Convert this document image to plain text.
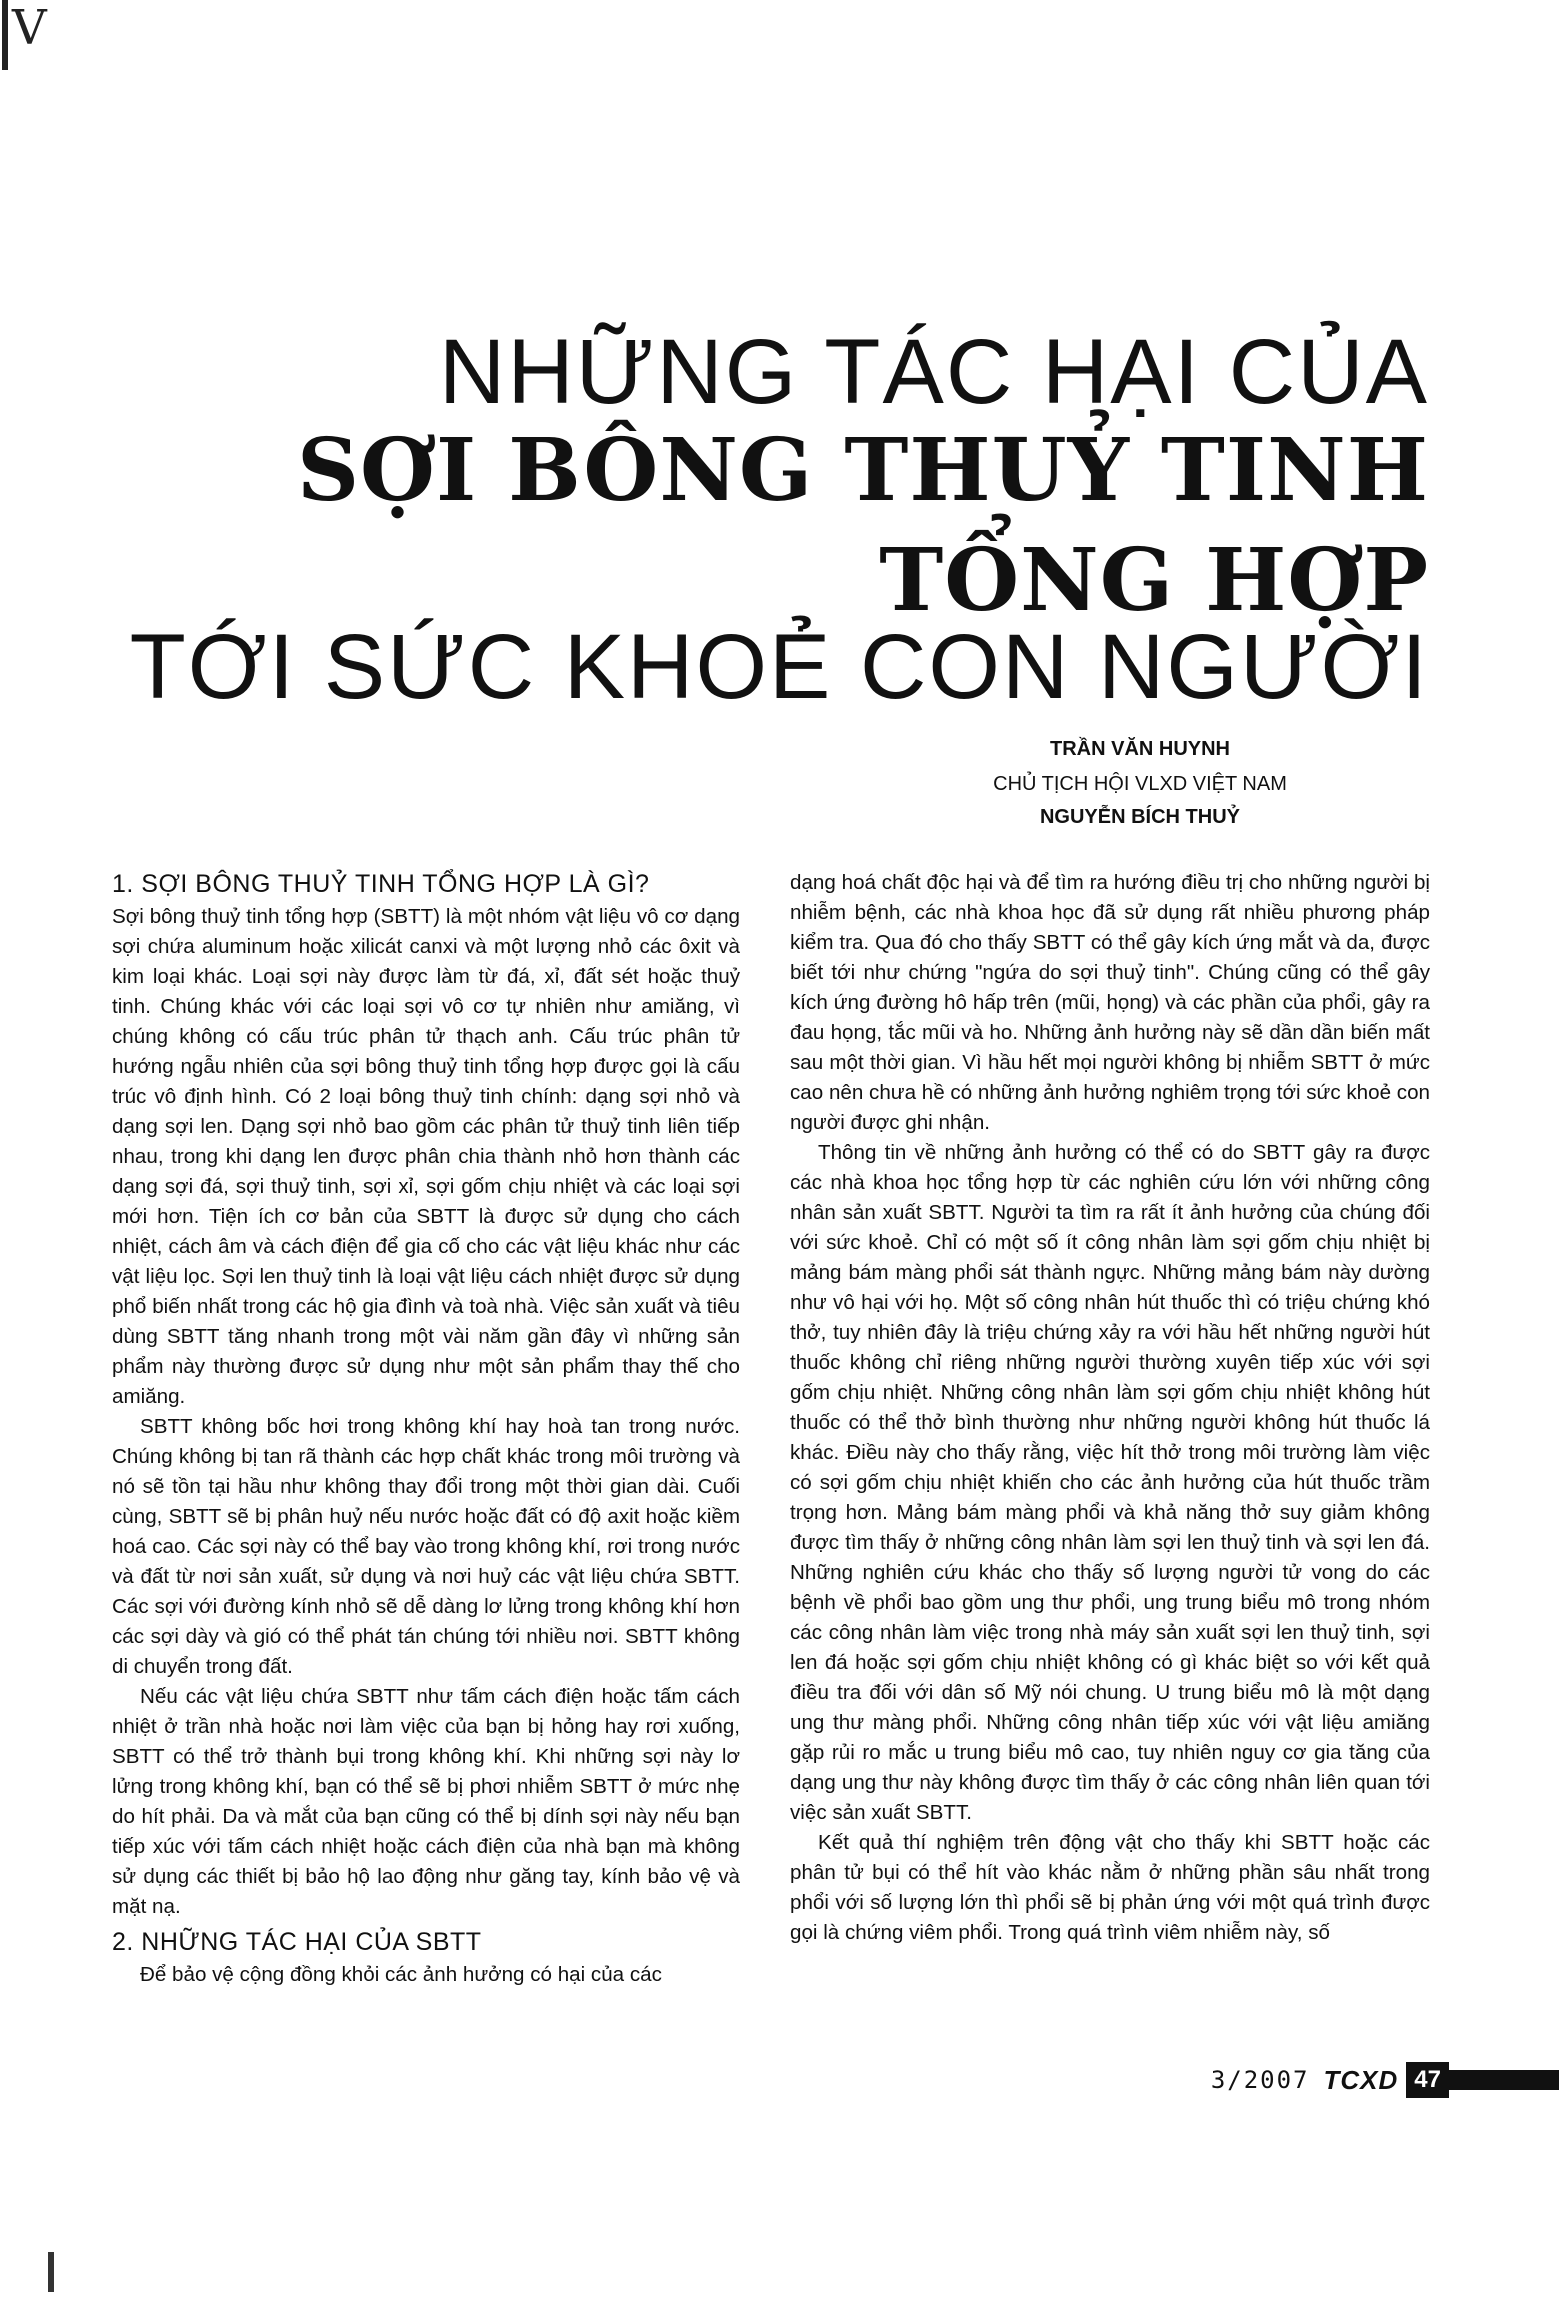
V
NHỮNG TÁC HẠI CỦA
SỢI BÔNG THUỶ TINH
TỔNG HỢP
TỚI SỨC KHOẺ CON NGƯỜI
TRẦN VĂN HUYNH
CHỦ TỊCH HỘI VLXD VIỆT NAM
NGUYỄN BÍCH THUỶ
1. SỢI BÔNG THUỶ TINH TỔNG HỢP LÀ GÌ?

Sợi bông thuỷ tinh tổng hợp (SBTT) là một nhóm vật liệu vô cơ dạng sợi chứa aluminum hoặc xilicát canxi và một lượng nhỏ các ôxit và kim loại khác. Loại sợi này được làm từ đá, xỉ, đất sét hoặc thuỷ tinh. Chúng khác với các loại sợi vô cơ tự nhiên như amiăng, vì chúng không có cấu trúc phân tử thạch anh. Cấu trúc phân tử hướng ngẫu nhiên của sợi bông thuỷ tinh tổng hợp được gọi là cấu trúc vô định hình. Có 2 loại bông thuỷ tinh chính: dạng sợi nhỏ và dạng sợi len. Dạng sợi nhỏ bao gồm các phân tử thuỷ tinh liên tiếp nhau, trong khi dạng len được phân chia thành nhỏ hơn thành các dạng sợi đá, sợi thuỷ tinh, sợi xỉ, sợi gốm chịu nhiệt và các loại sợi mới hơn. Tiện ích cơ bản của SBTT là được sử dụng cho cách nhiệt, cách âm và cách điện để gia cố cho các vật liệu khác như các vật liệu lọc. Sợi len thuỷ tinh là loại vật liệu cách nhiệt được sử dụng phổ biến nhất trong các hộ gia đình và toà nhà. Việc sản xuất và tiêu dùng SBTT tăng nhanh trong một vài năm gần đây vì những sản phẩm này thường được sử dụng như một sản phẩm thay thế cho amiăng.

SBTT không bốc hơi trong không khí hay hoà tan trong nước. Chúng không bị tan rã thành các hợp chất khác trong môi trường và nó sẽ tồn tại hầu như không thay đổi trong một thời gian dài. Cuối cùng, SBTT sẽ bị phân huỷ nếu nước hoặc đất có độ axit hoặc kiềm hoá cao. Các sợi này có thể bay vào trong không khí, rơi trong nước và đất từ nơi sản xuất, sử dụng và nơi huỷ các vật liệu chứa SBTT. Các sợi với đường kính nhỏ sẽ dễ dàng lơ lửng trong không khí hơn các sợi dày và gió có thể phát tán chúng tới nhiều nơi. SBTT không di chuyển trong đất.

Nếu các vật liệu chứa SBTT như tấm cách điện hoặc tấm cách nhiệt ở trần nhà hoặc nơi làm việc của bạn bị hỏng hay rơi xuống, SBTT có thể trở thành bụi trong không khí. Khi những sợi này lơ lửng trong không khí, bạn có thể sẽ bị phơi nhiễm SBTT ở mức nhẹ do hít phải. Da và mắt của bạn cũng có thể bị dính sợi này nếu bạn tiếp xúc với tấm cách nhiệt hoặc cách điện của nhà bạn mà không sử dụng các thiết bị bảo hộ lao động như găng tay, kính bảo vệ và mặt nạ.

2. NHỮNG TÁC HẠI CỦA SBTT

Để bảo vệ cộng đồng khỏi các ảnh hưởng có hại của các

dạng hoá chất độc hại và để tìm ra hướng điều trị cho những người bị nhiễm bệnh, các nhà khoa học đã sử dụng rất nhiều phương pháp kiểm tra. Qua đó cho thấy SBTT có thể gây kích ứng mắt và da, được biết tới như chứng "ngứa do sợi thuỷ tinh". Chúng cũng có thể gây kích ứng đường hô hấp trên (mũi, họng) và các phần của phổi, gây ra đau họng, tắc mũi và ho. Những ảnh hưởng này sẽ dần dần biến mất sau một thời gian. Vì hầu hết mọi người không bị nhiễm SBTT ở mức cao nên chưa hề có những ảnh hưởng nghiêm trọng tới sức khoẻ con người được ghi nhận.

Thông tin về những ảnh hưởng có thể có do SBTT gây ra được các nhà khoa học tổng hợp từ các nghiên cứu lớn với những công nhân sản xuất SBTT. Người ta tìm ra rất ít ảnh hưởng của chúng đối với sức khoẻ. Chỉ có một số ít công nhân làm sợi gốm chịu nhiệt bị mảng bám màng phổi sát thành ngực. Những mảng bám này dường như vô hại với họ. Một số công nhân hút thuốc thì có triệu chứng khó thở, tuy nhiên đây là triệu chứng xảy ra với hầu hết những người hút thuốc không chỉ riêng những người thường xuyên tiếp xúc với sợi gốm chịu nhiệt. Những công nhân làm sợi gốm chịu nhiệt không hút thuốc có thể thở bình thường như những người không hút thuốc lá khác. Điều này cho thấy rằng, việc hít thở trong môi trường làm việc có sợi gốm chịu nhiệt khiến cho các ảnh hưởng của hút thuốc trầm trọng hơn. Mảng bám màng phổi và khả năng thở suy giảm không được tìm thấy ở những công nhân làm sợi len thuỷ tinh và sợi len đá. Những nghiên cứu khác cho thấy số lượng người tử vong do các bệnh về phổi bao gồm ung thư phổi, ung trung biểu mô trong nhóm các công nhân làm việc trong nhà máy sản xuất sợi len thuỷ tinh, sợi len đá hoặc sợi gốm chịu nhiệt không có gì khác biệt so với kết quả điều tra đối với dân số Mỹ nói chung. U trung biểu mô là một dạng ung thư màng phổi. Những công nhân tiếp xúc với vật liệu amiăng gặp rủi ro mắc u trung biểu mô cao, tuy nhiên nguy cơ gia tăng của dạng ung thư này không được tìm thấy ở các công nhân liên quan tới việc sản xuất SBTT.

Kết quả thí nghiệm trên động vật cho thấy khi SBTT hoặc các phân tử bụi có thể hít vào khác nằm ở những phần sâu nhất trong phổi với số lượng lớn thì phổi sẽ bị phản ứng với một quá trình được gọi là chứng viêm phổi. Trong quá trình viêm nhiễm này, số

3/2007 TCXD 47
